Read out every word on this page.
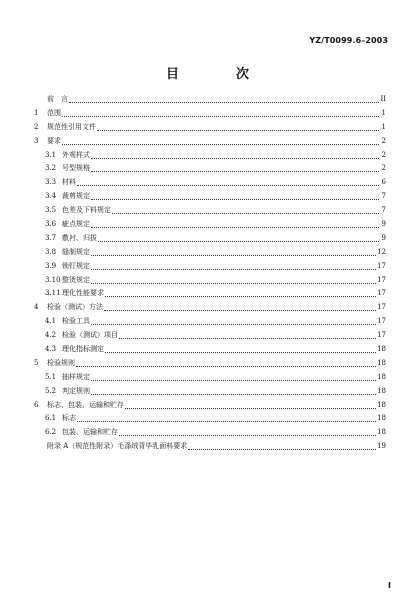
YZ/T0099.6–2003
目　次
前　言	II
1	范围	1
2	规范性引用文件	1
3	要求	2
3.1 外观样式	2
3.2 号型规格	2
3.3 材料	6
3.4 裁剪规定	7
3.5 色差及下料规定	7
3.6 疵点规定	9
3.7 敷衬、归拔	9
3.8 缝制规定	12
3.9 锁钉规定	17
3.10 整烫规定	17
3.11 理化性能要求	17
4	检验（测试）方法	17
4.1 检验工具	17
4.2 检验（测试）项目	17
4.3 理化指标测定	18
5	检验规则	18
5.1 抽样规定	18
5.2 判定规则	18
6	标志、包装、运输和贮存	18
6.1 标志	18
6.2 包装、运输和贮存	18
附录 A（规范性附录）毛涤绒背毕乳面料要求	19
I
